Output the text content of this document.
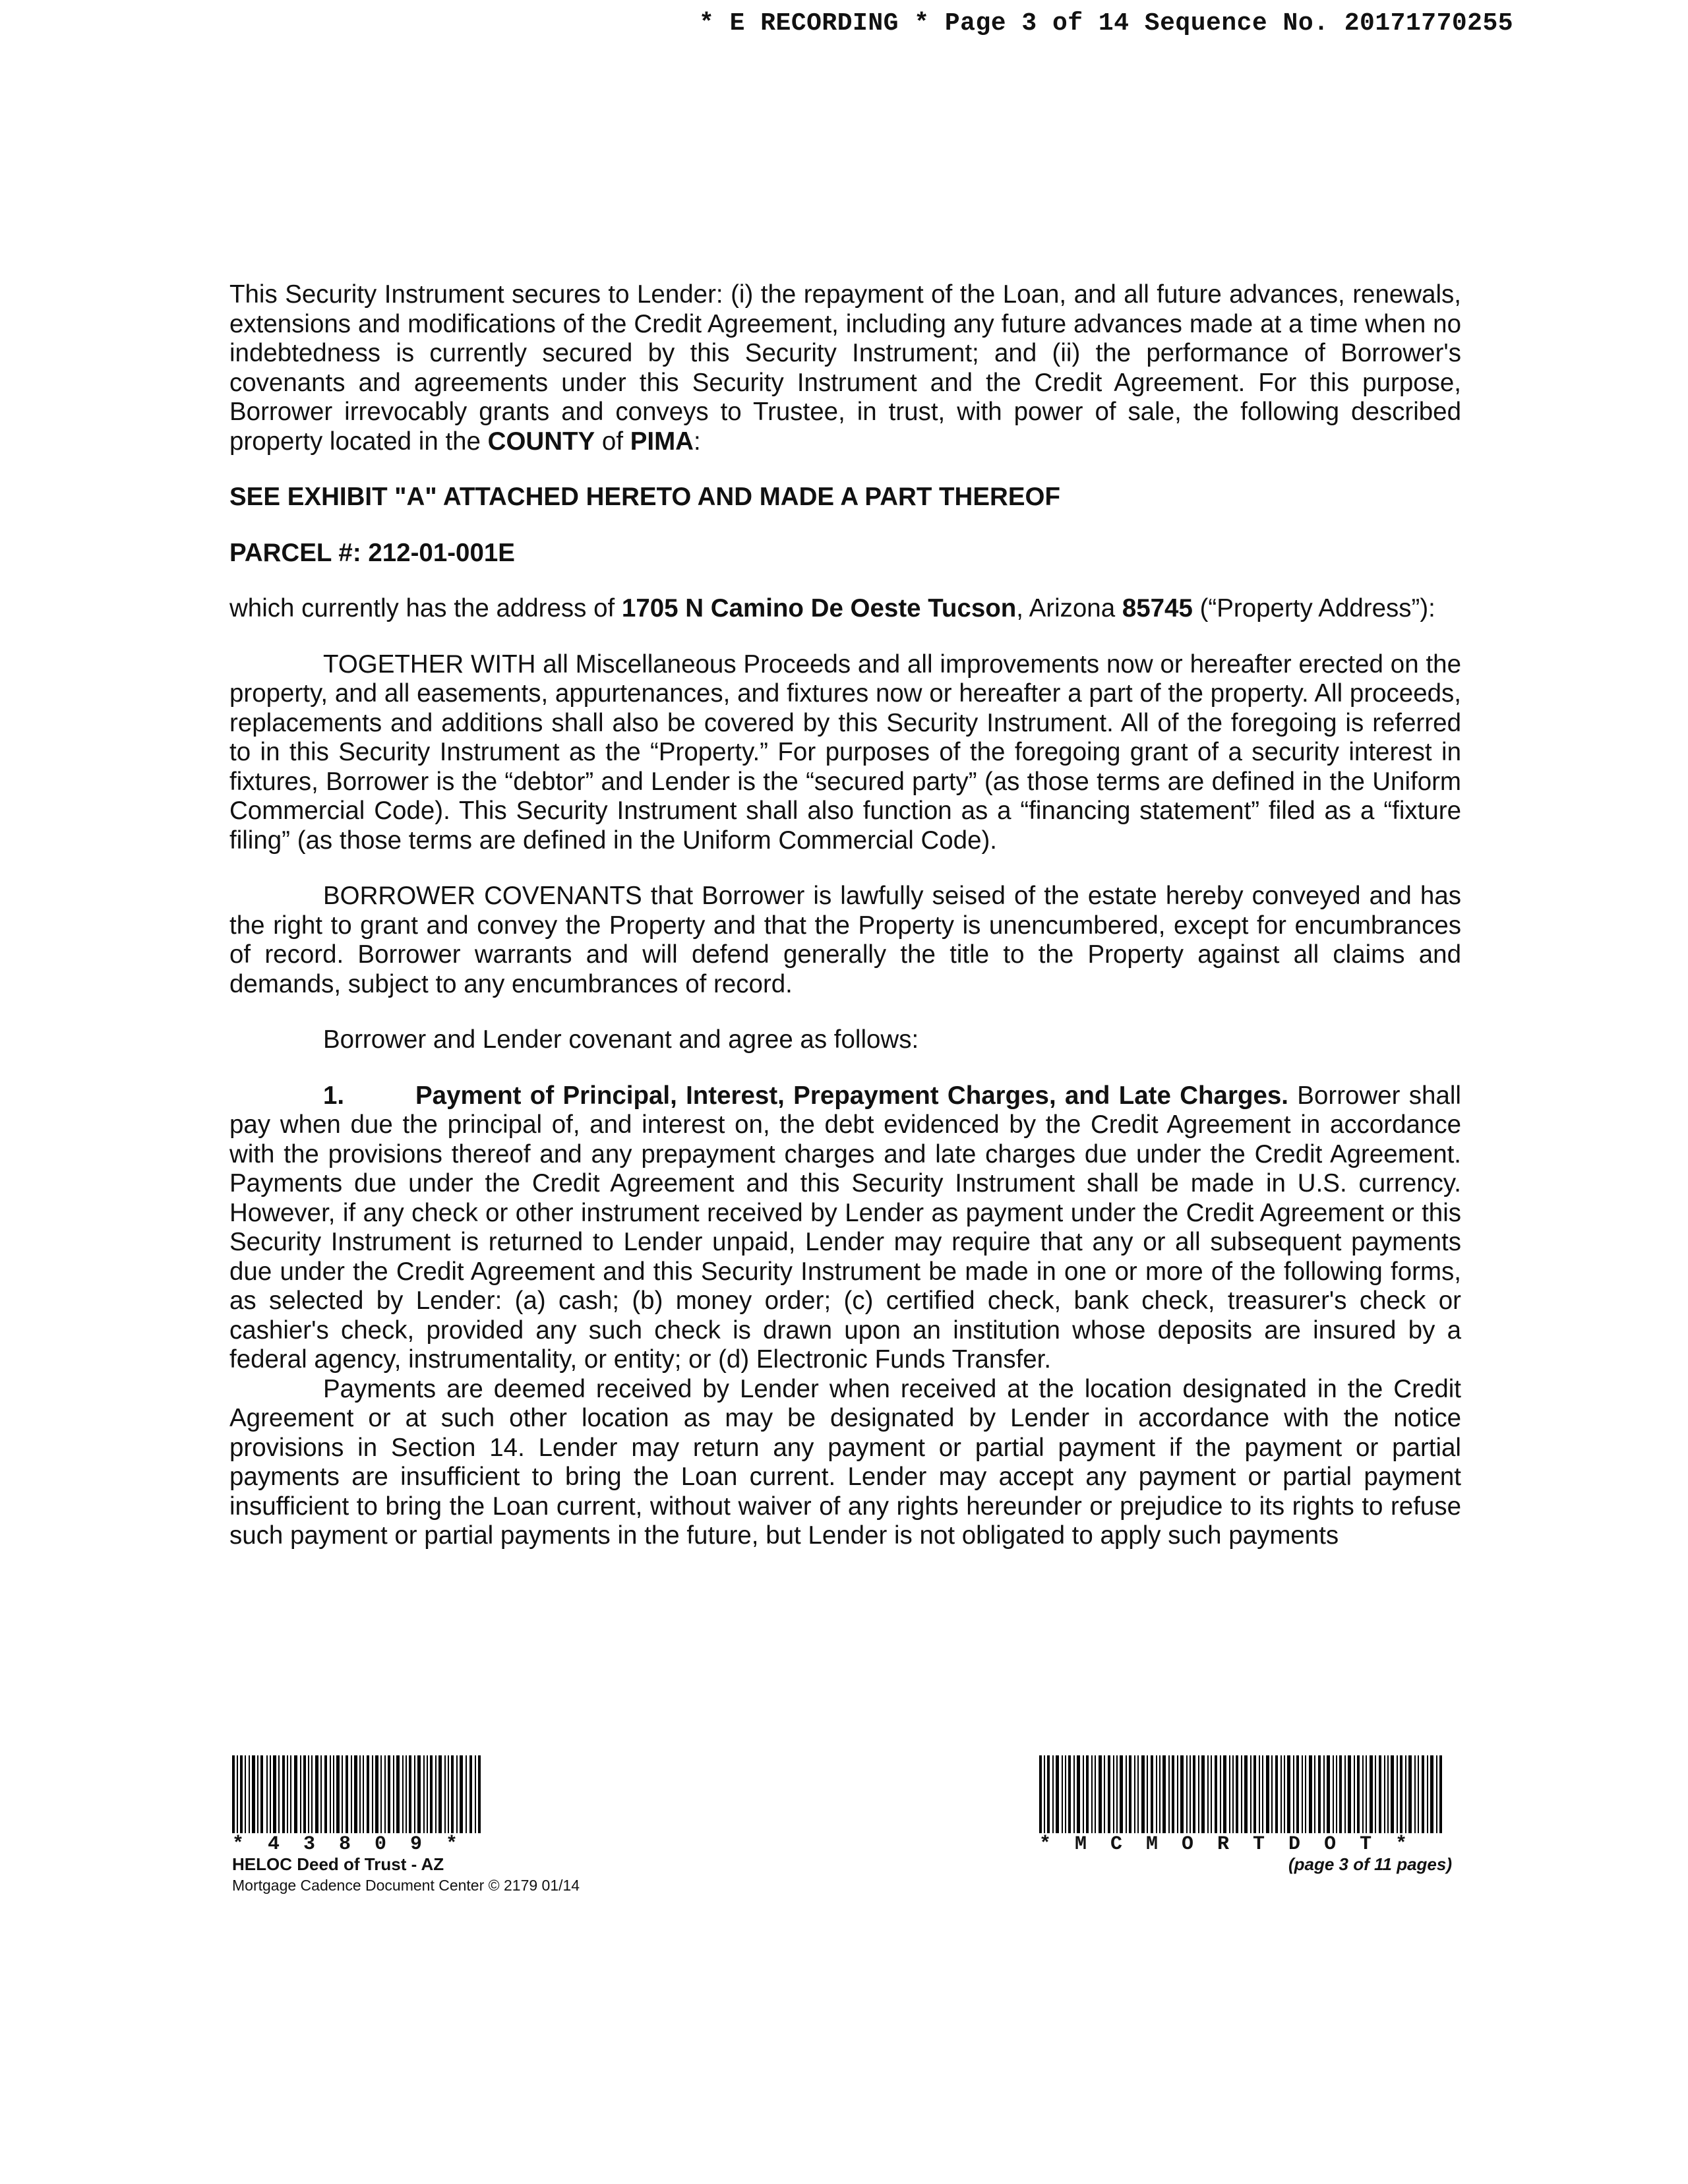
* E RECORDING * Page 3 of 14 Sequence No. 20171770255

This Security Instrument secures to Lender: (i) the repayment of the Loan, and all future advances, renewals, extensions and modifications of the Credit Agreement, including any future advances made at a time when no indebtedness is currently secured by this Security Instrument; and (ii) the performance of Borrower's covenants and agreements under this Security Instrument and the Credit Agreement. For this purpose, Borrower irrevocably grants and conveys to Trustee, in trust, with power of sale, the following described property located in the COUNTY of PIMA:

SEE EXHIBIT "A" ATTACHED HERETO AND MADE A PART THEREOF

PARCEL #: 212-01-001E

which currently has the address of 1705 N Camino De Oeste Tucson, Arizona 85745 (“Property Address”):

TOGETHER WITH all Miscellaneous Proceeds and all improvements now or hereafter erected on the property, and all easements, appurtenances, and fixtures now or hereafter a part of the property. All proceeds, replacements and additions shall also be covered by this Security Instrument. All of the foregoing is referred to in this Security Instrument as the “Property.” For purposes of the foregoing grant of a security interest in fixtures, Borrower is the “debtor” and Lender is the “secured party” (as those terms are defined in the Uniform Commercial Code). This Security Instrument shall also function as a “financing statement” filed as a “fixture filing” (as those terms are defined in the Uniform Commercial Code).

BORROWER COVENANTS that Borrower is lawfully seised of the estate hereby conveyed and has the right to grant and convey the Property and that the Property is unencumbered, except for encumbrances of record. Borrower warrants and will defend generally the title to the Property against all claims and demands, subject to any encumbrances of record.

Borrower and Lender covenant and agree as follows:

1.	Payment of Principal, Interest, Prepayment Charges, and Late Charges. Borrower shall pay when due the principal of, and interest on, the debt evidenced by the Credit Agreement in accordance with the provisions thereof and any prepayment charges and late charges due under the Credit Agreement. Payments due under the Credit Agreement and this Security Instrument shall be made in U.S. currency. However, if any check or other instrument received by Lender as payment under the Credit Agreement or this Security Instrument is returned to Lender unpaid, Lender may require that any or all subsequent payments due under the Credit Agreement and this Security Instrument be made in one or more of the following forms, as selected by Lender: (a) cash; (b) money order; (c) certified check, bank check, treasurer's check or cashier's check, provided any such check is drawn upon an institution whose deposits are insured by a federal agency, instrumentality, or entity; or (d) Electronic Funds Transfer.

Payments are deemed received by Lender when received at the location designated in the Credit Agreement or at such other location as may be designated by Lender in accordance with the notice provisions in Section 14. Lender may return any payment or partial payment if the payment or partial payments are insufficient to bring the Loan current. Lender may accept any payment or partial payment insufficient to bring the Loan current, without waiver of any rights hereunder or prejudice to its rights to refuse such payment or partial payments in the future, but Lender is not obligated to apply such payments

*  4  3  8  0  9  *
HELOC Deed of Trust - AZ
Mortgage Cadence Document Center © 2179 01/14
*  M  C  M  O  R  T  D  O  T  *
(page 3 of 11 pages)
